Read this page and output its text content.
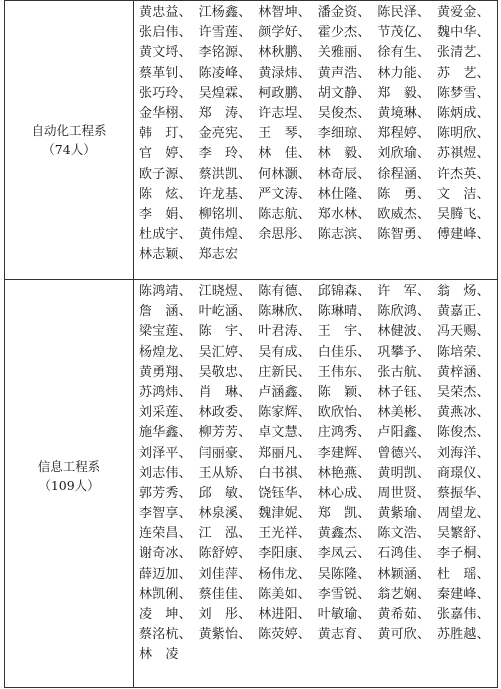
自动化工程系
（74人）
黄忠益、 江杨鑫、 林智坤、 潘金资、 陈民泽、 黄爱金、
张启伟、 许雪莲、 颜学好、 霍少杰、 节茂亿、 魏中华、
黄文埒、 李铭源、 林秋鹏、 关雅丽、 徐有生、 张清艺、
蔡革钊、 陈凌峰、 黄渌炜、 黄声浩、 林力能、 苏　艺、
张巧玲、 吴煌霖、 柯政鹏、 胡文静、 郑　毅、 陈梦雪、
金华栩、 郑　涛、 许志埕、 吴俊杰、 黄境琳、 陈炳成、
韩　玎、 金亮宪、 王　琴、 李细琼、 郑程婷、 陈明欣、
官　婷、 李　玲、 林　佳、 林　毅、 刘欣瑜、 苏祺煜、
欧子源、 蔡洪凯、 何林灏、 林奇辰、 徐程涵、 许杰英、
陈　炫、 许龙基、 严文涛、 林仕隆、 陈　勇、 文　洁、
李　娟、 柳铭圳、 陈志航、 郑水林、 欧威杰、 吴腾飞、
杜成宇、 黄伟煌、 余思彤、 陈志滨、 陈智勇、 傅建峰、
林志颖、 郑志宏
信息工程系
（109人）
陈鸿靖、 江晓煜、 陈有德、 邱锦森、 许　军、 翁　炀、
詹　涵、 叶屹涵、 陈琳欣、 陈琳晴、 陈欣鸿、 黄嘉正、
梁宝莲、 陈　宇、 叶君涛、 王　宇、 林健波、 冯天赐、
杨煌龙、 吴汇婷、 吴有成、 白佳乐、 巩攀予、 陈培荣、
黄勇翔、 吴敬忠、 庄新民、 王伟东、 张古航、 黄梓涵、
苏鸿炜、 肖　琳、 卢涵鑫、 陈　颖、 林子钰、 吴荣杰、
刘采莲、 林政委、 陈家辉、 欧欣怡、 林美彬、 黄燕冰、
施华鑫、 柳芳芳、 卓文慧、 庄鸿秀、 卢阳鑫、 陈俊杰、
刘泽平、 闫丽豪、 郑丽凡、 李建辉、 曾德兴、 刘海洋、
刘志伟、 王从矫、 白书祺、 林艳燕、 黄明凯、 商璟仪、
郭芳秀、 邱　敏、 饶钰华、 林心成、 周世贤、 蔡振华、
李智享、 林泉溪、 魏津妮、 郑　凯、 黄紫瑜、 周望龙、
连荣昌、 江　泓、 王光祥、 黄鑫杰、 陈文浩、 吴繁舒、
谢奇冰、 陈舒婷、 李阳康、 李凤云、 石鸿佳、 李子桐、
薛迈加、 刘佳萍、 杨伟龙、 吴陈隆、 林颖涵、 杜　瑶、
林凯俐、 蔡佳佳、 陈美如、 李雪锐、 翁艺娴、 秦建峰、
凌　坤、 刘　彤、 林进阳、 叶敏瑜、 黄希茹、 张嘉伟、
蔡洺杭、 黄紫怡、 陈荧婷、 黄志育、 黄可欣、 苏胜越、
林　凌
